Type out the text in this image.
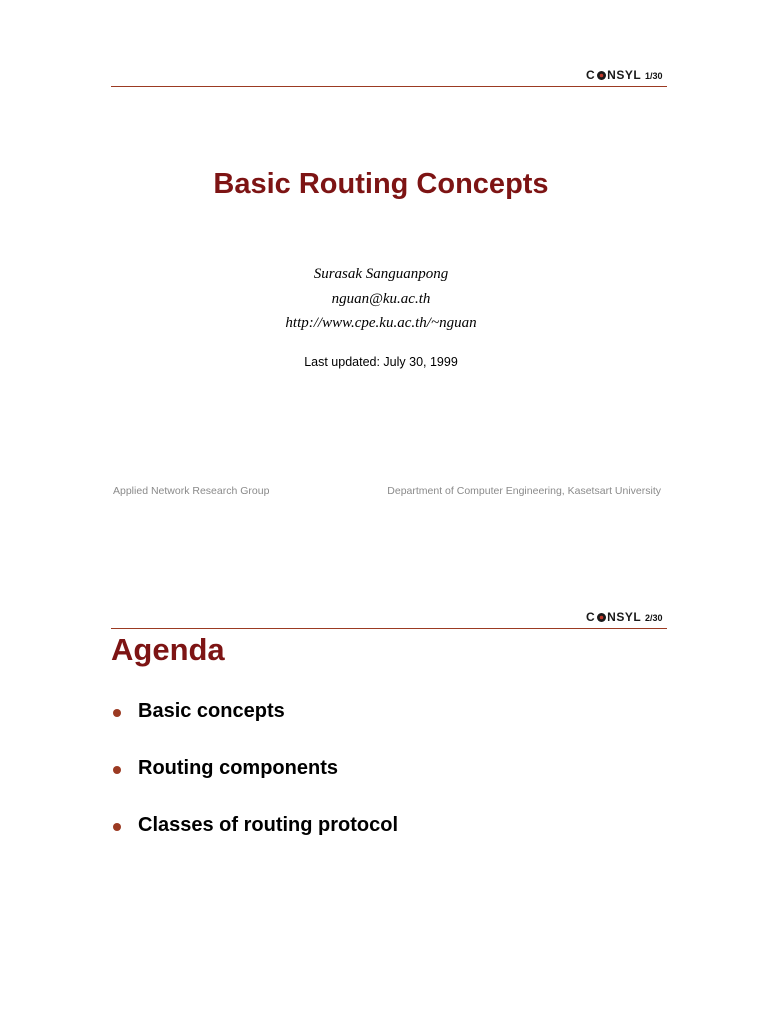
C NSYL 1/30
Basic Routing Concepts
Surasak Sanguanpong
nguan@ku.ac.th
http://www.cpe.ku.ac.th/~nguan
Last updated: July 30, 1999
Applied Network Research Group	Department of Computer Engineering, Kasetsart University
C NSYL 2/30
Agenda
Basic concepts
Routing components
Classes of routing protocol
